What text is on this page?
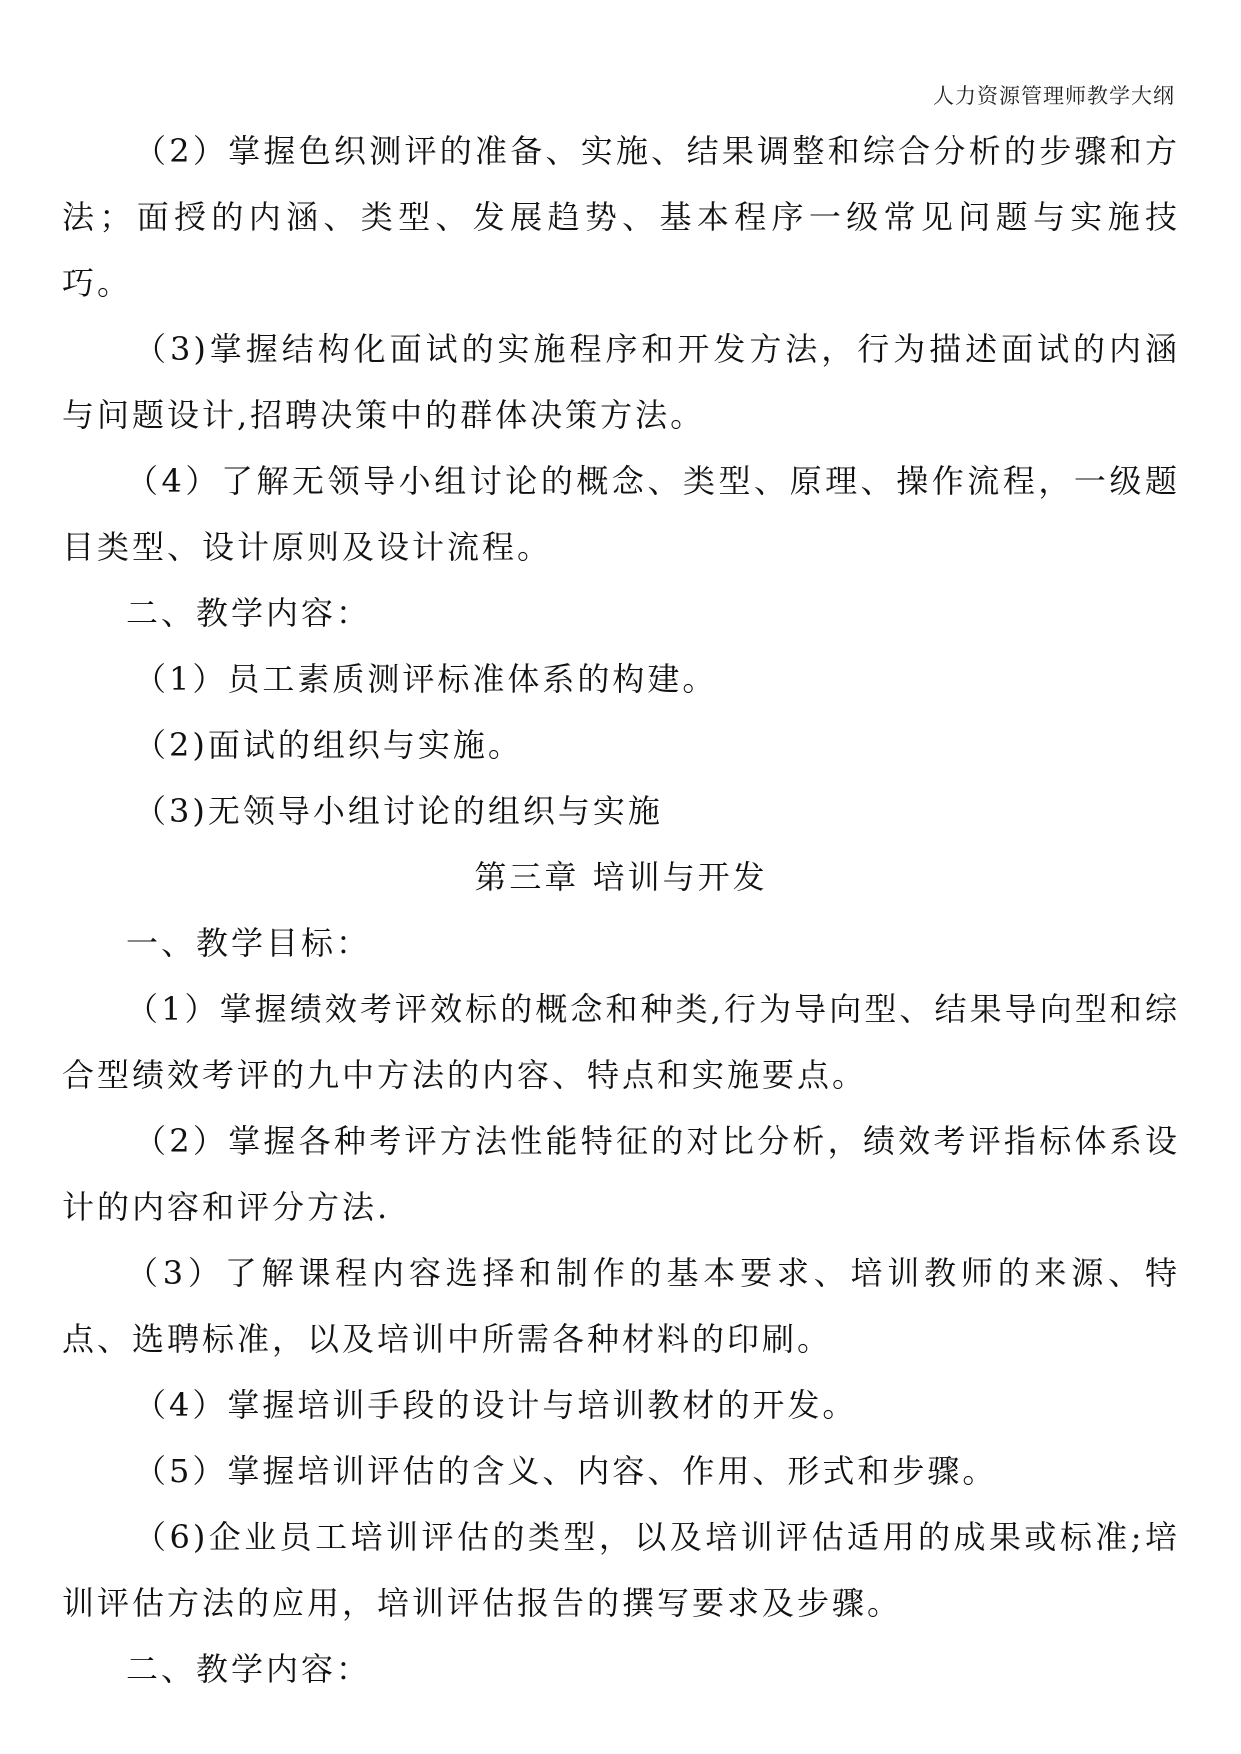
人力资源管理师教学大纲

（2）掌握色织测评的准备、实施、结果调整和综合分析的步骤和方法；面授的内涵、类型、发展趋势、基本程序一级常见问题与实施技巧。

（3)掌握结构化面试的实施程序和开发方法，行为描述面试的内涵与问题设计,招聘决策中的群体决策方法。

（4）了解无领导小组讨论的概念、类型、原理、操作流程，一级题目类型、设计原则及设计流程。

二、教学内容：

（1）员工素质测评标准体系的构建。

（2)面试的组织与实施。

（3)无领导小组讨论的组织与实施

第三章 培训与开发

一、教学目标：

（1）掌握绩效考评效标的概念和种类,行为导向型、结果导向型和综合型绩效考评的九中方法的内容、特点和实施要点。

（2）掌握各种考评方法性能特征的对比分析，绩效考评指标体系设计的内容和评分方法.

（3）了解课程内容选择和制作的基本要求、培训教师的来源、特点、选聘标准，以及培训中所需各种材料的印刷。

（4）掌握培训手段的设计与培训教材的开发。

（5）掌握培训评估的含义、内容、作用、形式和步骤。

（6)企业员工培训评估的类型，以及培训评估适用的成果或标准;培训评估方法的应用，培训评估报告的撰写要求及步骤。

二、教学内容：
